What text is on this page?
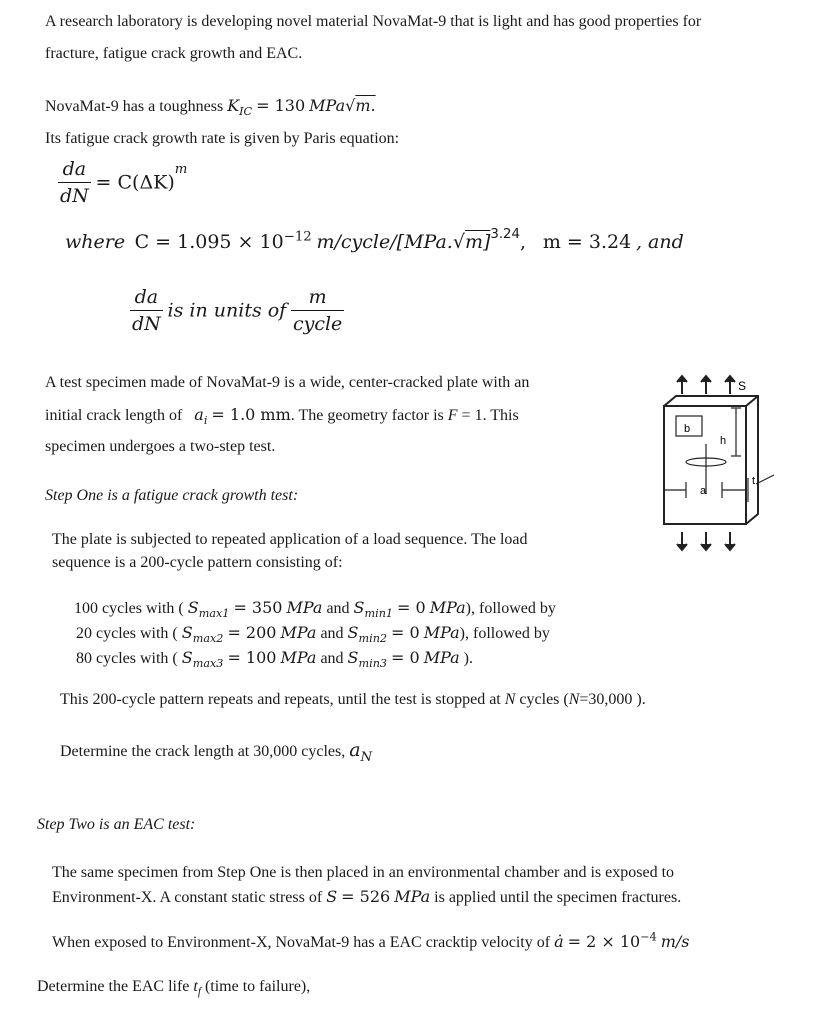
A research laboratory is developing novel material NovaMat-9 that is light and has good properties for
fracture, fatigue crack growth and EAC.
NovaMat-9 has a toughness $K_{IC} = 130$ MPa√m.
Its fatigue crack growth rate is given by Paris equation:
$\frac{da}{dN} = C(\Delta K)^m$
where $C = 1.095 \times 10^{-12}$ $m/cycle/[MPa.√m]^{3.24}$,   m = 3.24 , and
$\frac{da}{dN}$ is in units of $\frac{m}{\text{cycle}}$
A test specimen made of NovaMat-9 is a wide, center-cracked plate with an
initial crack length of $a_i = 1.0$ mm. The geometry factor is F = 1. This
specimen undergoes a two-step test.
S
b
h
a
t
Step One is a fatigue crack growth test:
The plate is subjected to repeated application of a load sequence. The load
sequence is a 200-cycle pattern consisting of:
100 cycles with ( $S_{max1} = 350$ MPa and $S_{min1} = 0$ MPa), followed by
20 cycles with ( $S_{max2} = 200$ MPa and $S_{min2} = 0$ MPa), followed by
80 cycles with ( $S_{max3} = 100$ MPa and $S_{min3} = 0$ MPa ).
This 200-cycle pattern repeats and repeats, until the test is stopped at N cycles (N=30,000 ).
Determine the crack length at 30,000 cycles, $a_N$
Step Two is an EAC test:
The same specimen from Step One is then placed in an environmental chamber and is exposed to
Environment-X. A constant static stress of S = 526 MPa is applied until the specimen fractures.
When exposed to Environment-X, NovaMat-9 has a EAC cracktip velocity of ȧ = $2 \times 10^{-4}$ m/s
Determine the EAC life $t_f$ (time to failure),
